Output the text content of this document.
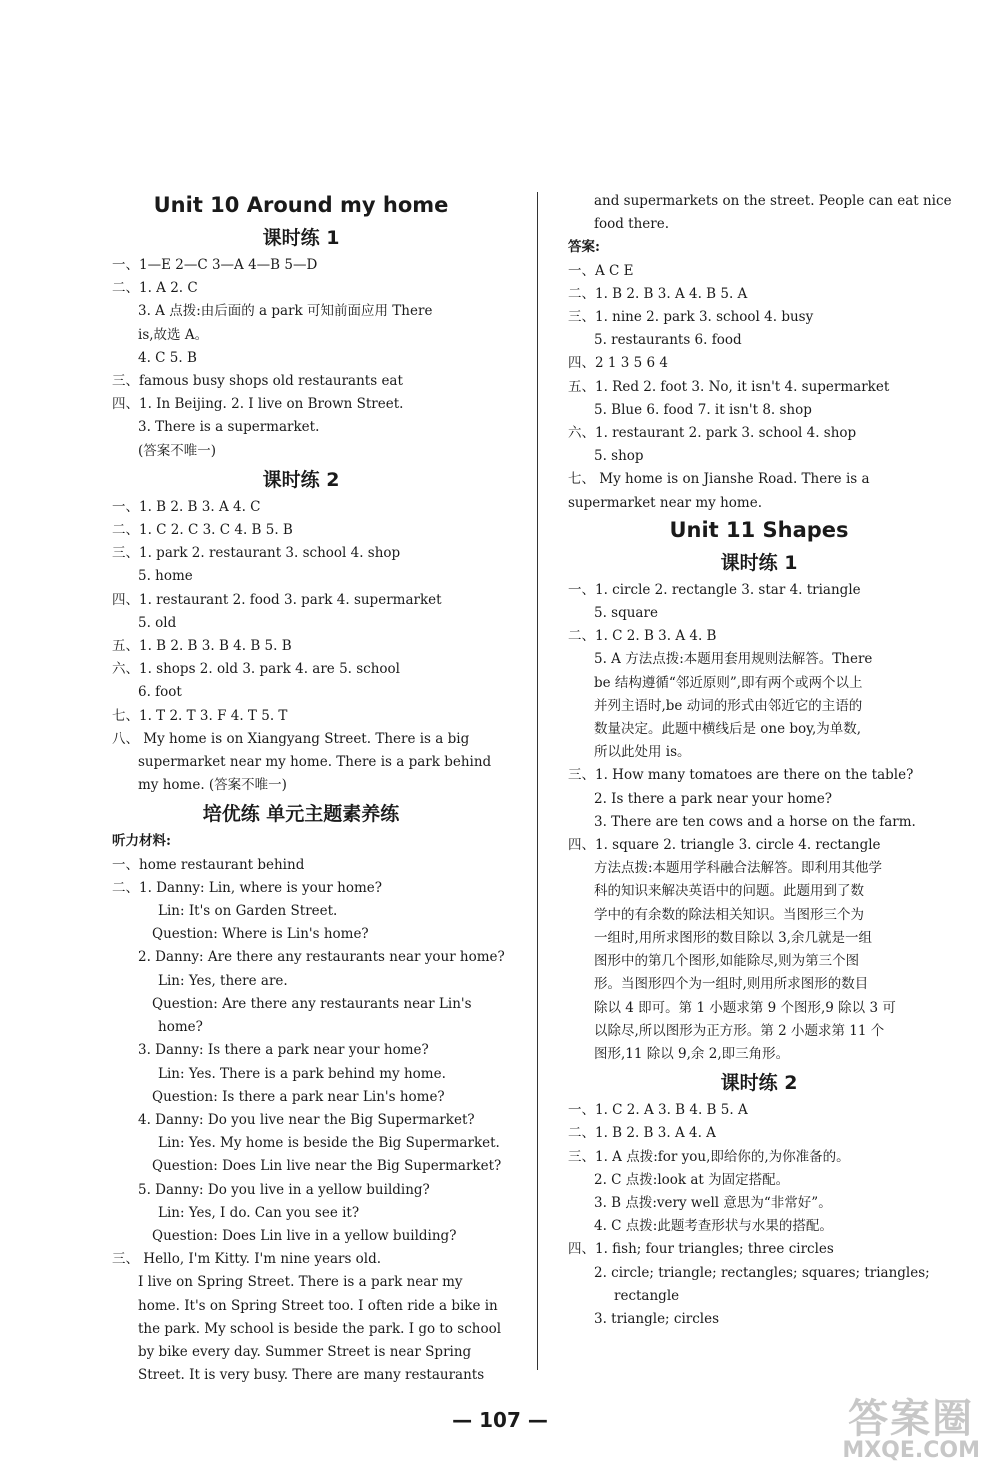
Unit 10 Around my home
课时练 1
一、1—E 2—C 3—A 4—B 5—D
二、1. A 2. C
3. A 点拨:由后面的 a park 可知前面应用 There
is,故选 A。
4. C 5. B
三、famous busy shops old restaurants eat
四、1. In Beijing. 2. I live on Brown Street.
3. There is a supermarket.
(答案不唯一)
课时练 2
一、1. B 2. B 3. A 4. C
二、1. C 2. C 3. C 4. B 5. B
三、1. park 2. restaurant 3. school 4. shop
5. home
四、1. restaurant 2. food 3. park 4. supermarket
5. old
五、1. B 2. B 3. B 4. B 5. B
六、1. shops 2. old 3. park 4. are 5. school
6. foot
七、1. T 2. T 3. F 4. T 5. T
八、 My home is on Xiangyang Street. There is a big
supermarket near my home. There is a park behind
my home. (答案不唯一)
培优练 单元主题素养练
听力材料:
一、home restaurant behind
二、1. Danny: Lin, where is your home?
Lin: It's on Garden Street.
Question: Where is Lin's home?
2. Danny: Are there any restaurants near your home?
Lin: Yes, there are.
Question: Are there any restaurants near Lin's
home?
3. Danny: Is there a park near your home?
Lin: Yes. There is a park behind my home.
Question: Is there a park near Lin's home?
4. Danny: Do you live near the Big Supermarket?
Lin: Yes. My home is beside the Big Supermarket.
Question: Does Lin live near the Big Supermarket?
5. Danny: Do you live in a yellow building?
Lin: Yes, I do. Can you see it?
Question: Does Lin live in a yellow building?
三、 Hello, I'm Kitty. I'm nine years old.
I live on Spring Street. There is a park near my
home. It's on Spring Street too. I often ride a bike in
the park. My school is beside the park. I go to school
by bike every day. Summer Street is near Spring
Street. It is very busy. There are many restaurants
and supermarkets on the street. People can eat nice
food there.
答案:
一、A C E
二、1. B 2. B 3. A 4. B 5. A
三、1. nine 2. park 3. school 4. busy
5. restaurants 6. food
四、2 1 3 5 6 4
五、1. Red 2. foot 3. No, it isn't 4. supermarket
5. Blue 6. food 7. it isn't 8. shop
六、1. restaurant 2. park 3. school 4. shop
5. shop
七、 My home is on Jianshe Road. There is a
supermarket near my home.
Unit 11 Shapes
课时练 1
一、1. circle 2. rectangle 3. star 4. triangle
5. square
二、1. C 2. B 3. A 4. B
5. A 方法点拨:本题用套用规则法解答。There
be 结构遵循“邻近原则”,即有两个或两个以上
并列主语时,be 动词的形式由邻近它的主语的
数量决定。此题中横线后是 one boy,为单数,
所以此处用 is。
三、1. How many tomatoes are there on the table?
2. Is there a park near your home?
3. There are ten cows and a horse on the farm.
四、1. square 2. triangle 3. circle 4. rectangle
方法点拨:本题用学科融合法解答。即利用其他学
科的知识来解决英语中的问题。此题用到了数
学中的有余数的除法相关知识。当图形三个为
一组时,用所求图形的数目除以 3,余几就是一组
图形中的第几个图形,如能除尽,则为第三个图
形。当图形四个为一组时,则用所求图形的数目
除以 4 即可。第 1 小题求第 9 个图形,9 除以 3 可
以除尽,所以图形为正方形。第 2 小题求第 11 个
图形,11 除以 9,余 2,即三角形。
课时练 2
一、1. C 2. A 3. B 4. B 5. A
二、1. B 2. B 3. A 4. A
三、1. A 点拨:for you,即给你的,为你准备的。
2. C 点拨:look at 为固定搭配。
3. B 点拨:very well 意思为“非常好”。
4. C 点拨:此题考查形状与水果的搭配。
四、1. fish; four triangles; three circles
2. circle; triangle; rectangles; squares; triangles;
rectangle
3. triangle; circles
— 107 —	答案圈
MXQE.COM
